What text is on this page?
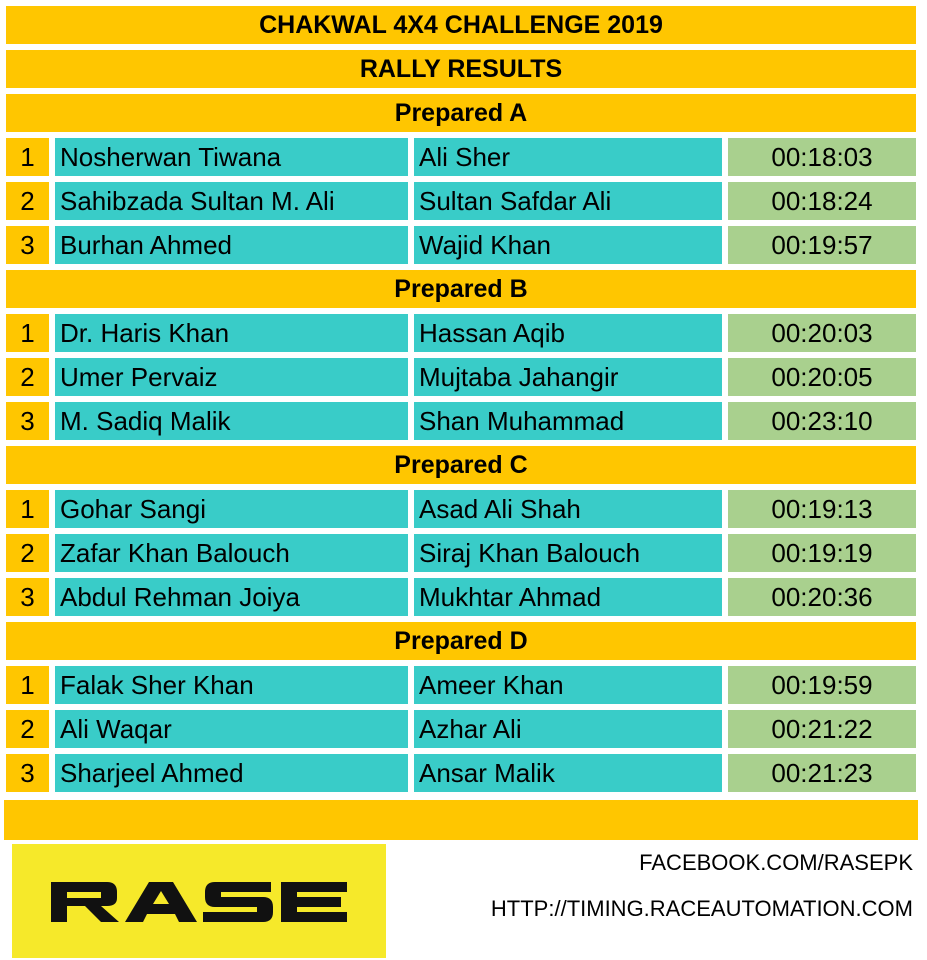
CHAKWAL 4X4 CHALLENGE 2019
RALLY RESULTS
Prepared A
1 Nosherwan Tiwana	Ali Sher	00:18:03
2 Sahibzada Sultan M. Ali	Sultan Safdar Ali	00:18:24
3 Burhan Ahmed	Wajid Khan	00:19:57
Prepared B
1 Dr. Haris Khan	Hassan Aqib	00:20:03
2 Umer Pervaiz	Mujtaba Jahangir	00:20:05
3 M. Sadiq Malik	Shan Muhammad	00:23:10
Prepared C
1 Gohar Sangi	Asad Ali Shah	00:19:13
2 Zafar Khan Balouch	Siraj Khan Balouch	00:19:19
3 Abdul Rehman Joiya	Mukhtar Ahmad	00:20:36
Prepared D
1 Falak Sher Khan	Ameer Khan	00:19:59
2 Ali Waqar	Azhar Ali	00:21:22
3 Sharjeel Ahmed	Ansar Malik	00:21:23
FACEBOOK.COM/RASEPK
HTTP://TIMING.RACEAUTOMATION.COM
